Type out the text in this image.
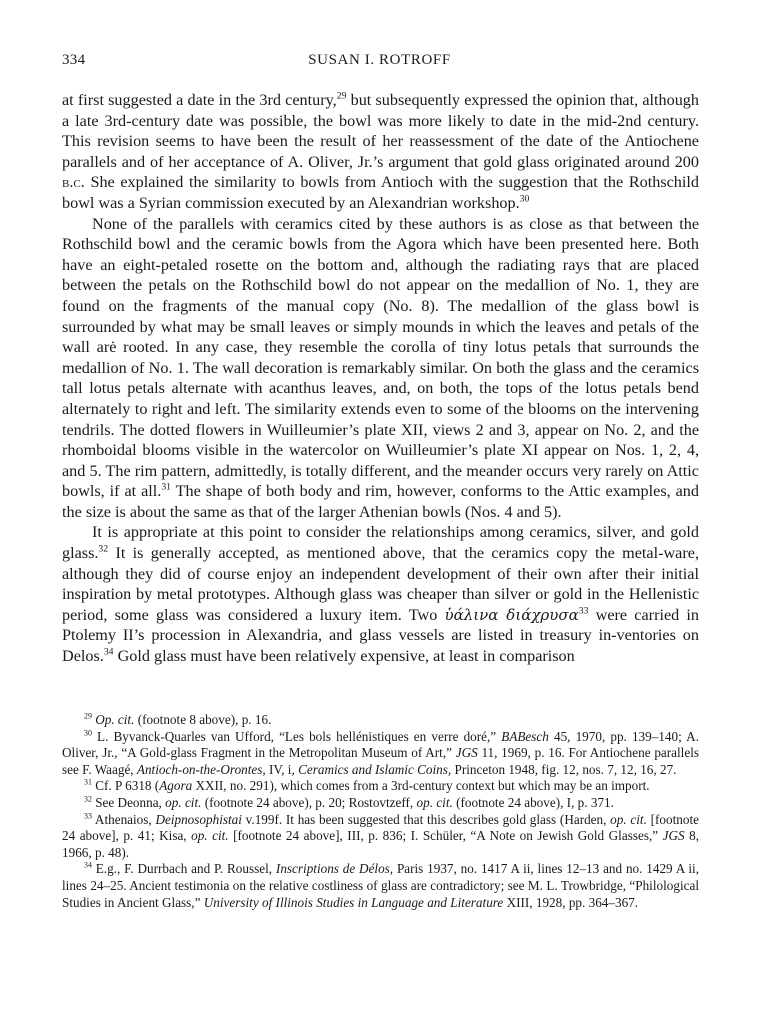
334	SUSAN I. ROTROFF

at first suggested a date in the 3rd century,$^{29}$ but subsequently expressed the opinion that, although a late 3rd-century date was possible, the bowl was more likely to date in the mid-2nd century. This revision seems to have been the result of her reassessment of the date of the Antiochene parallels and of her acceptance of A. Oliver, Jr.’s argument that gold glass originated around 200 b.c. She explained the similarity to bowls from Antioch with the suggestion that the Rothschild bowl was a Syrian commission executed by an Alexandrian workshop.$^{30}$

None of the parallels with ceramics cited by these authors is as close as that between the Rothschild bowl and the ceramic bowls from the Agora which have been presented here. Both have an eight-petaled rosette on the bottom and, although the radiating rays that are placed between the petals on the Rothschild bowl do not appear on the medallion of No. 1, they are found on the fragments of the manual copy (No. 8). The medallion of the glass bowl is surrounded by what may be small leaves or simply mounds in which the leaves and petals of the wall arė rooted. In any case, they resemble the corolla of tiny lotus petals that surrounds the medallion of No. 1. The wall decoration is remarkably similar. On both the glass and the ceramics tall lotus petals alternate with acanthus leaves, and, on both, the tops of the lotus petals bend alternately to right and left. The similarity extends even to some of the blooms on the intervening tendrils. The dotted flowers in Wuilleumier’s plate XII, views 2 and 3, appear on No. 2, and the rhomboidal blooms visible in the watercolor on Wuilleumier’s plate XI appear on Nos. 1, 2, 4, and 5. The rim pattern, admittedly, is totally different, and the meander occurs very rarely on Attic bowls, if at all.$^{31}$ The shape of both body and rim, however, conforms to the Attic examples, and the size is about the same as that of the larger Athenian bowls (Nos. 4 and 5).

It is appropriate at this point to consider the relationships among ceramics, silver, and gold glass.$^{32}$ It is generally accepted, as mentioned above, that the ceramics copy the metal-ware, although they did of course enjoy an independent development of their own after their initial inspiration by metal prototypes. Although glass was cheaper than silver or gold in the Hellenistic period, some glass was considered a luxury item. Two ὑάλινα διάχρυσα$^{33}$ were carried in Ptolemy II’s procession in Alexandria, and glass vessels are listed in treasury in-ventories on Delos.$^{34}$ Gold glass must have been relatively expensive, at least in comparison

$^{29}$ Op. cit. (footnote 8 above), p. 16.

$^{30}$ L. Byvanck-Quarles van Ufford, “Les bols hellénistiques en verre doré,” BABesch 45, 1970, pp. 139–140; A. Oliver, Jr., “A Gold-glass Fragment in the Metropolitan Museum of Art,” JGS 11, 1969, p. 16. For Antiochene parallels see F. Waagé, Antioch-on-the-Orontes, IV, i, Ceramics and Islamic Coins, Princeton 1948, fig. 12, nos. 7, 12, 16, 27.

$^{31}$ Cf. P 6318 (Agora XXII, no. 291), which comes from a 3rd-century context but which may be an import.

$^{32}$ See Deonna, op. cit. (footnote 24 above), p. 20; Rostovtzeff, op. cit. (footnote 24 above), I, p. 371.

$^{33}$ Athenaios, Deipnosophistai v.199f. It has been suggested that this describes gold glass (Harden, op. cit. [footnote 24 above], p. 41; Kisa, op. cit. [footnote 24 above], III, p. 836; I. Schüler, “A Note on Jewish Gold Glasses,” JGS 8, 1966, p. 48).

$^{34}$ E.g., F. Durrbach and P. Roussel, Inscriptions de Délos, Paris 1937, no. 1417 A ii, lines 12–13 and no. 1429 A ii, lines 24–25. Ancient testimonia on the relative costliness of glass are contradictory; see M. L. Trowbridge, “Philological Studies in Ancient Glass,” University of Illinois Studies in Language and Literature XIII, 1928, pp. 364–367.
